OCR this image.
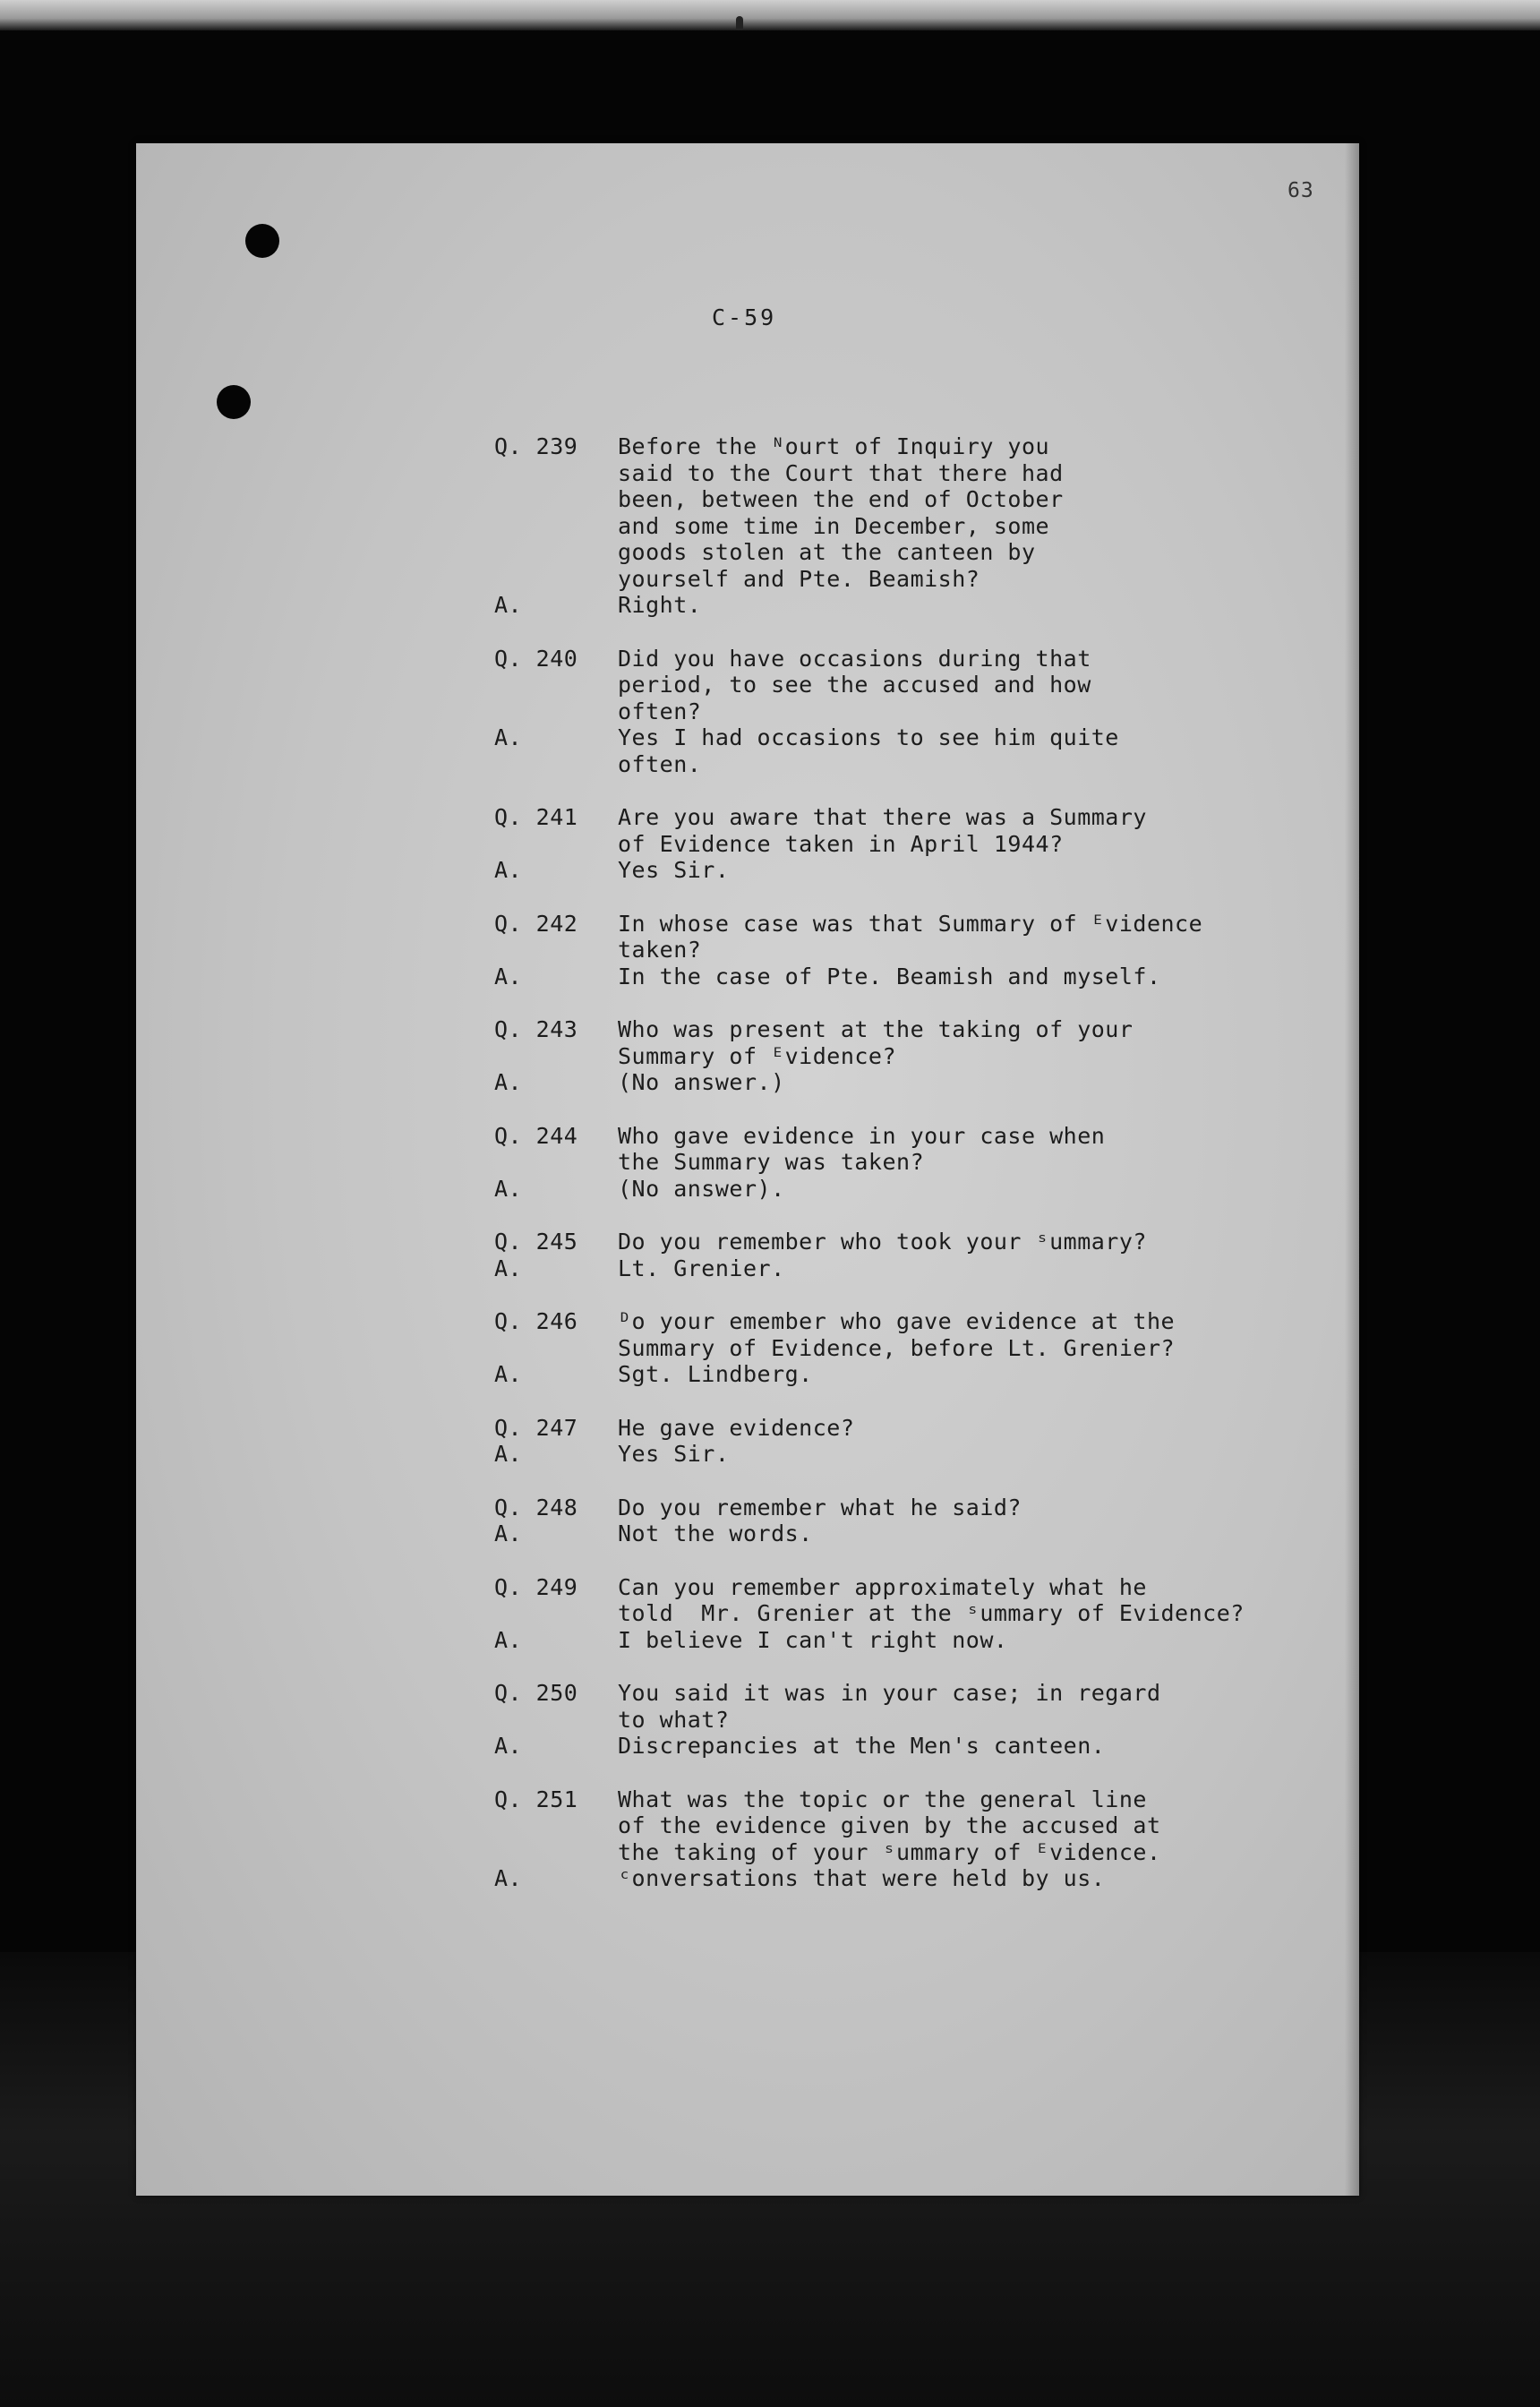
63
C-59
Q. 239	Before the ᴺourt of Inquiry you
said to the Court that there had
been, between the end of October
and some time in December, some
goods stolen at the canteen by
yourself and Pte. Beamish?
A.	Right.
Q. 240	Did you have occasions during that
period, to see the accused and how
often?
A.	Yes I had occasions to see him quite
often.
Q. 241	Are you aware that there was a Summary
of Evidence taken in April 1944?
A.	Yes Sir.
Q. 242	In whose case was that Summary of ᴱvidence
taken?
A.	In the case of Pte. Beamish and myself.
Q. 243	Who was present at the taking of your
Summary of ᴱvidence?
A.	(No answer.)
Q. 244	Who gave evidence in your case when
the Summary was taken?
A.	(No answer).
Q. 245	Do you remember who took your ˢummary?
A.	Lt. Grenier.
Q. 246	ᴰo your emember who gave evidence at the
Summary of Evidence, before Lt. Grenier?
A.	Sgt. Lindberg.
Q. 247	He gave evidence?
A.	Yes Sir.
Q. 248	Do you remember what he said?
A.	Not the words.
Q. 249	Can you remember approximately what he
told  Mr. Grenier at the ˢummary of Evidence?
A.	I believe I can't right now.
Q. 250	You said it was in your case; in regard
to what?
A.	Discrepancies at the Men's canteen.
Q. 251	What was the topic or the general line
of the evidence given by the accused at
the taking of your ˢummary of ᴱvidence.
A.	ᶜonversations that were held by us.
